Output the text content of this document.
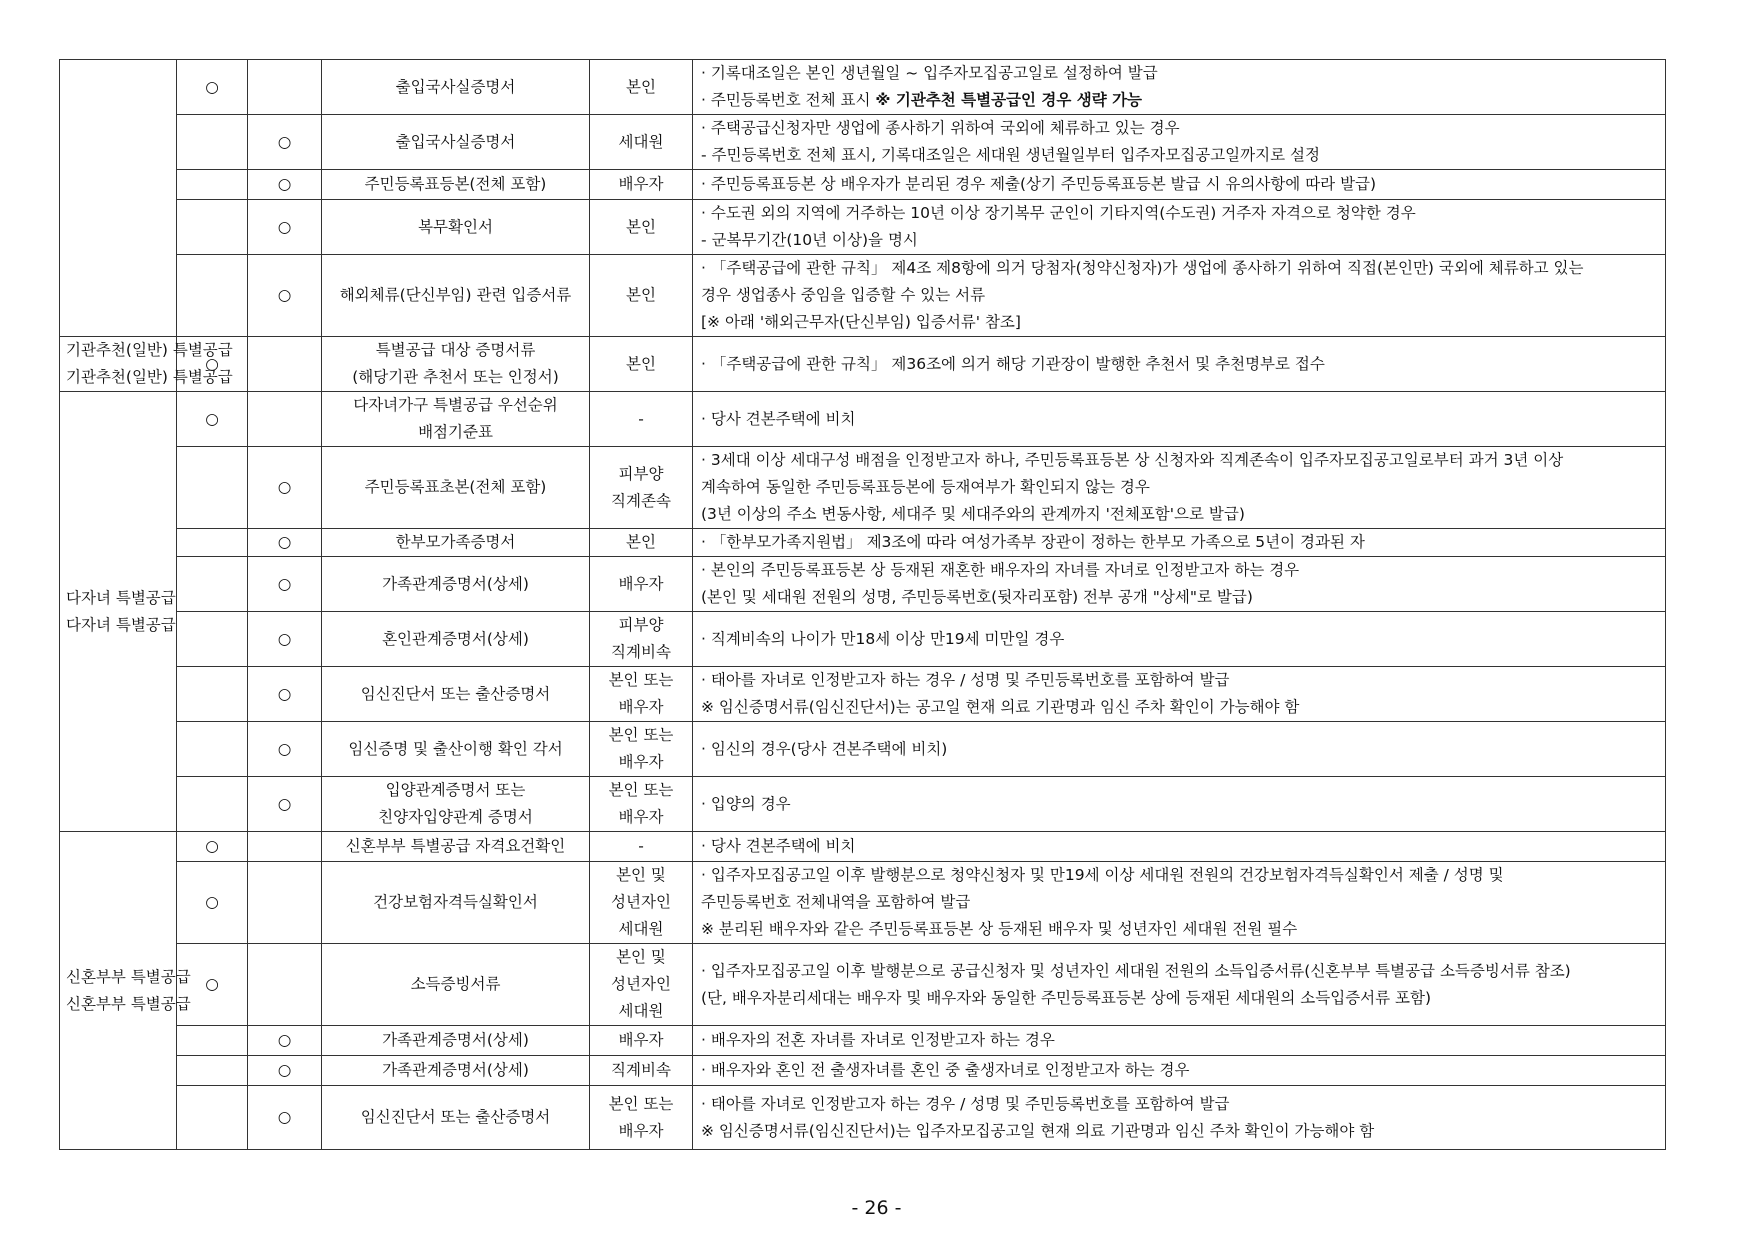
	○		출입국사실증명서	본인	· 기록대조일은 본인 생년월일 ~ 입주자모집공고일로 설정하여 발급
· 주민등록번호 전체 표시 ※ 기관추천 특별공급인 경우 생략 가능

		○	출입국사실증명서	세대원	· 주택공급신청자만 생업에 종사하기 위하여 국외에 체류하고 있는 경우
- 주민등록번호 전체 표시, 기록대조일은 세대원 생년월일부터 입주자모집공고일까지로 설정

		○	주민등록표등본(전체 포함)	배우자	· 주민등록표등본 상 배우자가 분리된 경우 제출(상기 주민등록표등본 발급 시 유의사항에 따라 발급)

		○	복무확인서	본인	· 수도권 외의 지역에 거주하는 10년 이상 장기복무 군인이 기타지역(수도권) 거주자 자격으로 청약한 경우
- 군복무기간(10년 이상)을 명시

		○	해외체류(단신부임) 관련 입증서류	본인	· 「주택공급에 관한 규칙」 제4조 제8항에 의거 당첨자(청약신청자)가 생업에 종사하기 위하여 직접(본인만) 국외에 체류하고 있는
경우 생업종사 중임을 입증할 수 있는 서류
[※ 아래 '해외근무자(단신부임) 입증서류' 참조]

기관추천(일반) 특별공급
기관추천(일반) 특별공급	○		특별공급 대상 증명서류
(해당기관 추천서 또는 인정서)	본인	· 「주택공급에 관한 규칙」 제36조에 의거 해당 기관장이 발행한 추천서 및 추천명부로 접수

다자녀 특별공급
다자녀 특별공급	○		다자녀가구 특별공급 우선순위
배점기준표	-	· 당사 견본주택에 비치

		○	주민등록표초본(전체 포함)	피부양
직계존속	· 3세대 이상 세대구성 배점을 인정받고자 하나, 주민등록표등본 상 신청자와 직계존속이 입주자모집공고일로부터 과거 3년 이상
계속하여 동일한 주민등록표등본에 등재여부가 확인되지 않는 경우
(3년 이상의 주소 변동사항, 세대주 및 세대주와의 관계까지 '전체포함'으로 발급)

		○	한부모가족증명서	본인	· 「한부모가족지원법」 제3조에 따라 여성가족부 장관이 정하는 한부모 가족으로 5년이 경과된 자

		○	가족관계증명서(상세)	배우자	· 본인의 주민등록표등본 상 등재된 재혼한 배우자의 자녀를 자녀로 인정받고자 하는 경우
(본인 및 세대원 전원의 성명, 주민등록번호(뒷자리포함) 전부 공개 "상세"로 발급)

		○	혼인관계증명서(상세)	피부양
직계비속	· 직계비속의 나이가 만18세 이상 만19세 미만일 경우

		○	임신진단서 또는 출산증명서	본인 또는
배우자	· 태아를 자녀로 인정받고자 하는 경우 / 성명 및 주민등록번호를 포함하여 발급
※ 임신증명서류(임신진단서)는 공고일 현재 의료 기관명과 임신 주차 확인이 가능해야 함

		○	임신증명 및 출산이행 확인 각서	본인 또는
배우자	· 임신의 경우(당사 견본주택에 비치)

		○	입양관계증명서 또는
친양자입양관계 증명서	본인 또는
배우자	· 입양의 경우

신혼부부 특별공급
신혼부부 특별공급	○		신혼부부 특별공급 자격요건확인	-	· 당사 견본주택에 비치

	○		건강보험자격득실확인서	본인 및
성년자인
세대원	· 입주자모집공고일 이후 발행분으로 청약신청자 및 만19세 이상 세대원 전원의 건강보험자격득실확인서 제출 / 성명 및
주민등록번호 전체내역을 포함하여 발급
※ 분리된 배우자와 같은 주민등록표등본 상 등재된 배우자 및 성년자인 세대원 전원 필수

	○		소득증빙서류	본인 및
성년자인
세대원	· 입주자모집공고일 이후 발행분으로 공급신청자 및 성년자인 세대원 전원의 소득입증서류(신혼부부 특별공급 소득증빙서류 참조)
(단, 배우자분리세대는 배우자 및 배우자와 동일한 주민등록표등본 상에 등재된 세대원의 소득입증서류 포함)

		○	가족관계증명서(상세)	배우자	· 배우자의 전혼 자녀를 자녀로 인정받고자 하는 경우

		○	가족관계증명서(상세)	직계비속	· 배우자와 혼인 전 출생자녀를 혼인 중 출생자녀로 인정받고자 하는 경우

		○	임신진단서 또는 출산증명서	본인 또는
배우자	· 태아를 자녀로 인정받고자 하는 경우 / 성명 및 주민등록번호를 포함하여 발급
※ 임신증명서류(임신진단서)는 입주자모집공고일 현재 의료 기관명과 임신 주차 확인이 가능해야 함
- 26 -
